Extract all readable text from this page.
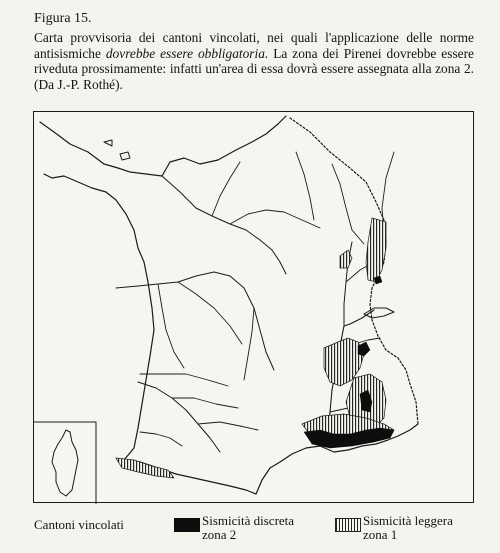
Figura 15.

Carta provvisoria dei cantoni vincolati, nei quali l'applicazione delle norme antisismiche dovrebbe essere obbligatoria. La zona dei Pirenei dovrebbe essere riveduta prossimamente: infatti un'area di essa dovrà essere assegnata alla zona 2. (Da J.-P. Rothé).

Cantoni vincolati	Sismicità discreta
zona 2
Sismicità leggera
zona 1
